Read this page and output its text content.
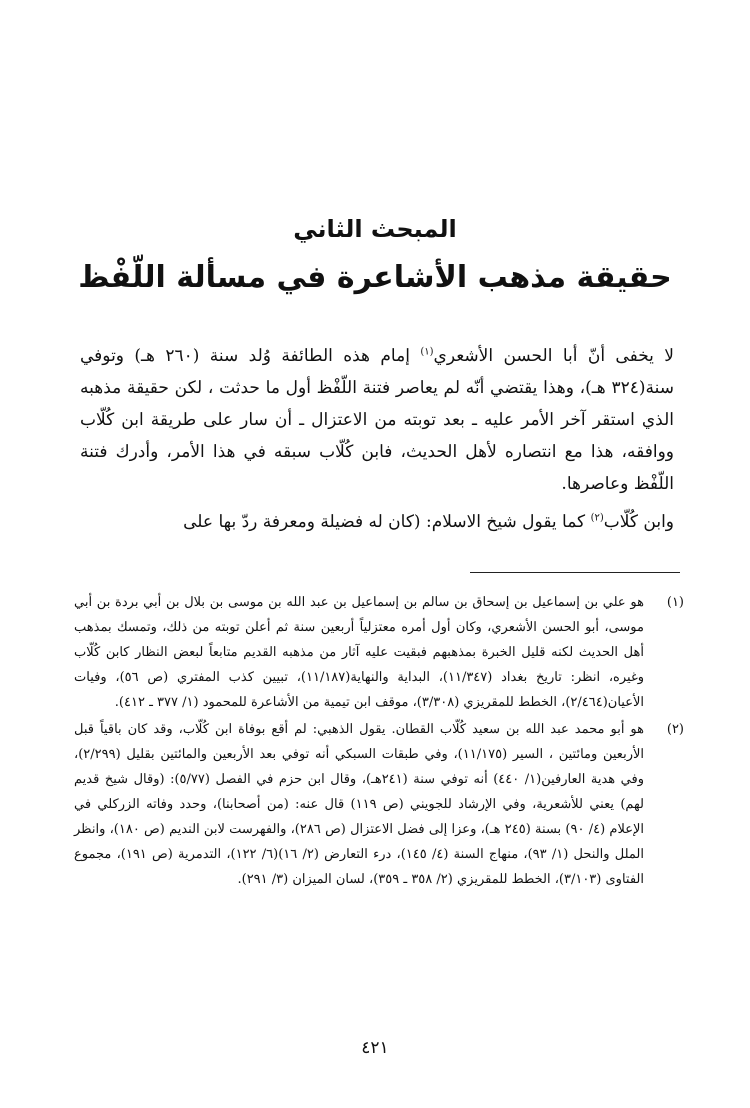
المبحث الثاني
حقيقة مذهب الأشاعرة في مسألة اللّفْظ

لا يخفى أنّ أبا الحسن الأشعري$^{(١)}$ إمام هذه الطائفة وُلد سنة (٢٦٠ هـ) وتوفي سنة(٣٢٤ هـ)، وهذا يقتضي أنّه لم يعاصر فتنة اللّفْظ أول ما حدثت ، لكن حقيقة مذهبه الذي استقر آخر الأمر عليه ـ بعد توبته من الاعتزال ـ أن سار على طريقة ابن كُلّاب ووافقه، هذا مع انتصاره لأهل الحديث، فابن كُلّاب سبقه في هذا الأمر، وأدرك فتنة اللّفْظ وعاصرها.

وابن كُلّاب$^{(٢)}$ كما يقول شيخ الاسلام: (كان له فضيلة ومعرفة ردّ بها على

(١)
هو علي بن إسماعيل بن إسحاق بن سالم بن إسماعيل بن عبد الله بن موسى بن بلال بن أبي بردة بن أبي موسى، أبو الحسن الأشعري، وكان أول أمره معتزلياً أربعين سنة ثم أعلن توبته من ذلك، وتمسك بمذهب أهل الحديث لكنه قليل الخبرة بمذهبهم فبقيت عليه آثار من مذهبه القديم متابعاً لبعض النظار كابن كُلّاب وغيره، انظر: تاريخ بغداد (١١/٣٤٧)، البداية والنهاية(١١/١٨٧)، تبيين كذب المفتري (ص ٥٦)، وفيات الأعيان(٢/٤٦٤)، الخطط للمقريزي (٣/٣٠٨)، موقف ابن تيمية من الأشاعرة للمحمود (١/ ٣٧٧ ـ ٤١٢).
(٢)
هو أبو محمد عبد الله بن سعيد كُلّاب القطان. يقول الذهبي: لم أقع بوفاة ابن كُلّاب، وقد كان باقياً قبل الأربعين ومائتين ، السير (١١/١٧٥)، وفي طبقات السبكي أنه توفي بعد الأربعين والمائتين بقليل (٢/٢٩٩)، وفي هدية العارفين(١/ ٤٤٠) أنه توفي سنة (٢٤١هـ)، وقال ابن حزم في الفصل (٥/٧٧): (وقال شيخ قديم لهم) يعني للأشعرية، وفي الإرشاد للجويني (ص ١١٩) قال عنه: (من أصحابنا)، وحدد وفاته الزركلي في الإعلام (٤/ ٩٠) بسنة (٢٤٥ هـ)، وعزا إلى فضل الاعتزال (ص ٢٨٦)، والفهرست لابن النديم (ص ١٨٠)، وانظر الملل والنحل (١/ ٩٣)، منهاج السنة (٤/ ١٤٥)، درء التعارض (٢/ ١٦)(٦/ ١٢٢)، التدمرية (ص ١٩١)، مجموع الفتاوى (٣/١٠٣)، الخطط للمقريزي (٢/ ٣٥٨ ـ ٣٥٩)، لسان الميزان (٣/ ٢٩١).
٤٢١
